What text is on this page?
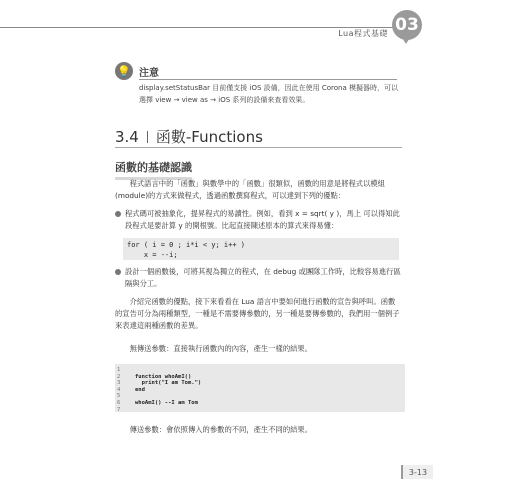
Lua程式基礎 03
💡 注意
display.setStatusBar 目前僅支援 iOS 設備，因此在使用 Corona 模擬器時，可以選擇 view → view as → iOS 系列的設備來查看效果。
3.4 函數-Functions
函數的基礎認識
程式語言中的「函數」與數學中的「函數」很類似，函數的用意是將程式以模組(module)的方式來做程式，透過函數撰寫程式，可以達到下列的優點：
程式碼可被抽象化，提昇程式的易讀性。例如，看到 x = sqrt( y )，馬上 可以得知此段程式是要計算 y 的開根號。比起直接陳述原本的算式來得易懂：
for ( i = 0 ; i*i < y; i++ )
x = --i;
設計一個函數後，可將其視為獨立的程式，在 debug 或團隊工作時，比較容易進行區隔與分工。
介紹完函數的優點，接下來看看在 Lua 語言中要如何進行函數的宣告與呼叫。函數的宣告可分為兩種類型，一種是不需要傳參數的，另一種是要傳參數的，我們用一個例子來表達這兩種函數的差異。
無傳送參數：直接執行函數內的內容，產生一樣的結果。
1
2	function whoAmI()
3	print("I am Tom.")
4	end
5
6	whoAmI() --I am Tom
7
傳送參數：會依照傳入的參數的不同，產生不同的結果。
3-13
